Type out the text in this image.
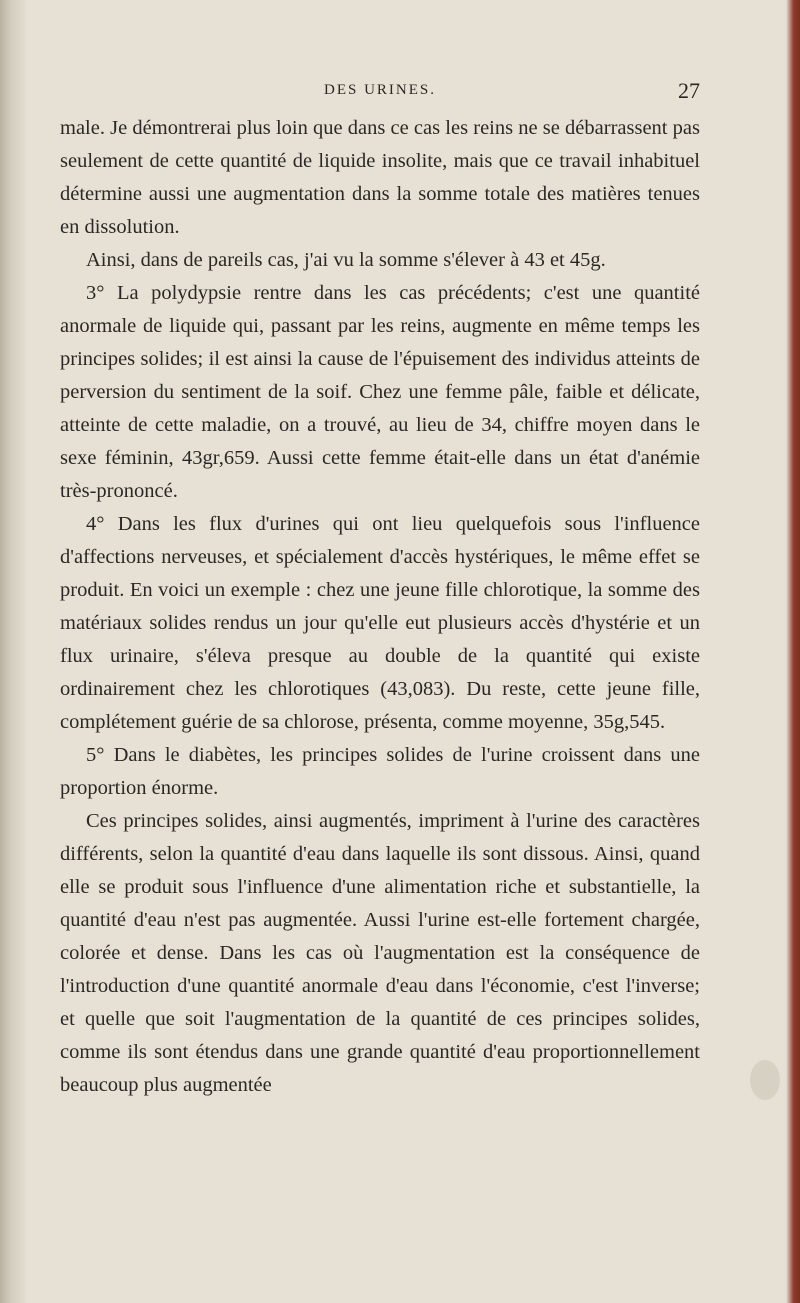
DES URINES.	27

male. Je démontrerai plus loin que dans ce cas les reins ne se débarrassent pas seulement de cette quantité de liquide insolite, mais que ce travail inhabituel détermine aussi une augmentation dans la somme totale des matières tenues en dissolution.

Ainsi, dans de pareils cas, j'ai vu la somme s'élever à 43 et 45g.

3° La polydypsie rentre dans les cas précédents; c'est une quantité anormale de liquide qui, passant par les reins, augmente en même temps les principes solides; il est ainsi la cause de l'épuisement des individus atteints de perversion du sentiment de la soif. Chez une femme pâle, faible et délicate, atteinte de cette maladie, on a trouvé, au lieu de 34, chiffre moyen dans le sexe féminin, 43gr,659. Aussi cette femme était-elle dans un état d'anémie très-prononcé.

4° Dans les flux d'urines qui ont lieu quelquefois sous l'influence d'affections nerveuses, et spécialement d'accès hystériques, le même effet se produit. En voici un exemple : chez une jeune fille chlorotique, la somme des matériaux solides rendus un jour qu'elle eut plusieurs accès d'hystérie et un flux urinaire, s'éleva presque au double de la quantité qui existe ordinairement chez les chlorotiques (43,083). Du reste, cette jeune fille, complétement guérie de sa chlorose, présenta, comme moyenne, 35g,545.

5° Dans le diabètes, les principes solides de l'urine croissent dans une proportion énorme.

Ces principes solides, ainsi augmentés, impriment à l'urine des caractères différents, selon la quantité d'eau dans laquelle ils sont dissous. Ainsi, quand elle se produit sous l'influence d'une alimentation riche et substantielle, la quantité d'eau n'est pas augmentée. Aussi l'urine est-elle fortement chargée, colorée et dense. Dans les cas où l'augmentation est la conséquence de l'introduction d'une quantité anormale d'eau dans l'économie, c'est l'inverse; et quelle que soit l'augmentation de la quantité de ces principes solides, comme ils sont étendus dans une grande quantité d'eau proportionnellement beaucoup plus augmentée
